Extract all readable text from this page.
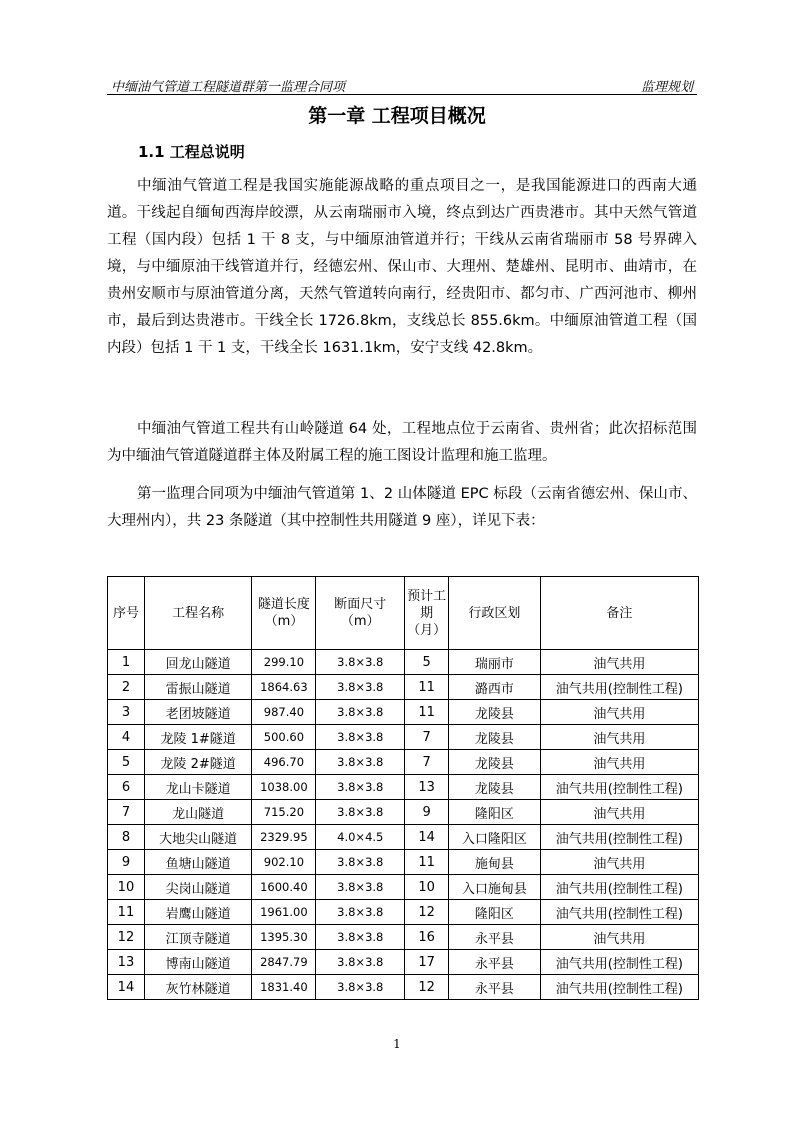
中缅油气管道工程隧道群第一监理合同项	监理规划
第一章 工程项目概况
1.1 工程总说明
中缅油气管道工程是我国实施能源战略的重点项目之一，是我国能源进口的西南大通道。干线起自缅甸西海岸皎漂，从云南瑞丽市入境，终点到达广西贵港市。其中天然气管道工程（国内段）包括 1 干 8 支，与中缅原油管道并行；干线从云南省瑞丽市 58 号界碑入境，与中缅原油干线管道并行，经德宏州、保山市、大理州、楚雄州、昆明市、曲靖市，在贵州安顺市与原油管道分离，天然气管道转向南行，经贵阳市、都匀市、广西河池市、柳州市，最后到达贵港市。干线全长 1726.8km，支线总长 855.6km。中缅原油管道工程（国内段）包括 1 干 1 支，干线全长 1631.1km，安宁支线 42.8km。
中缅油气管道工程共有山岭隧道 64 处，工程地点位于云南省、贵州省；此次招标范围为中缅油气管道隧道群主体及附属工程的施工图设计监理和施工监理。
第一监理合同项为中缅油气管道第 1、2 山体隧道 EPC 标段（云南省德宏州、保山市、大理州内），共 23 条隧道（其中控制性共用隧道 9 座），详见下表：
序号	工程名称	隧道长度（m）	断面尺寸（m）	预计工期（月）	行政区划	备注
1	回龙山隧道	299.10	3.8×3.8	5	瑞丽市	油气共用
2	雷振山隧道	1864.63	3.8×3.8	11	潞西市	油气共用(控制性工程)
3	老团坡隧道	987.40	3.8×3.8	11	龙陵县	油气共用
4	龙陵 1#隧道	500.60	3.8×3.8	7	龙陵县	油气共用
5	龙陵 2#隧道	496.70	3.8×3.8	7	龙陵县	油气共用
6	龙山卡隧道	1038.00	3.8×3.8	13	龙陵县	油气共用(控制性工程)
7	龙山隧道	715.20	3.8×3.8	9	隆阳区	油气共用
8	大地尖山隧道	2329.95	4.0×4.5	14	入口隆阳区	油气共用(控制性工程)
9	鱼塘山隧道	902.10	3.8×3.8	11	施甸县	油气共用
10	尖岗山隧道	1600.40	3.8×3.8	10	入口施甸县	油气共用(控制性工程)
11	岩鹰山隧道	1961.00	3.8×3.8	12	隆阳区	油气共用(控制性工程)
12	江顶寺隧道	1395.30	3.8×3.8	16	永平县	油气共用
13	博南山隧道	2847.79	3.8×3.8	17	永平县	油气共用(控制性工程)
14	灰竹林隧道	1831.40	3.8×3.8	12	永平县	油气共用(控制性工程)
1
